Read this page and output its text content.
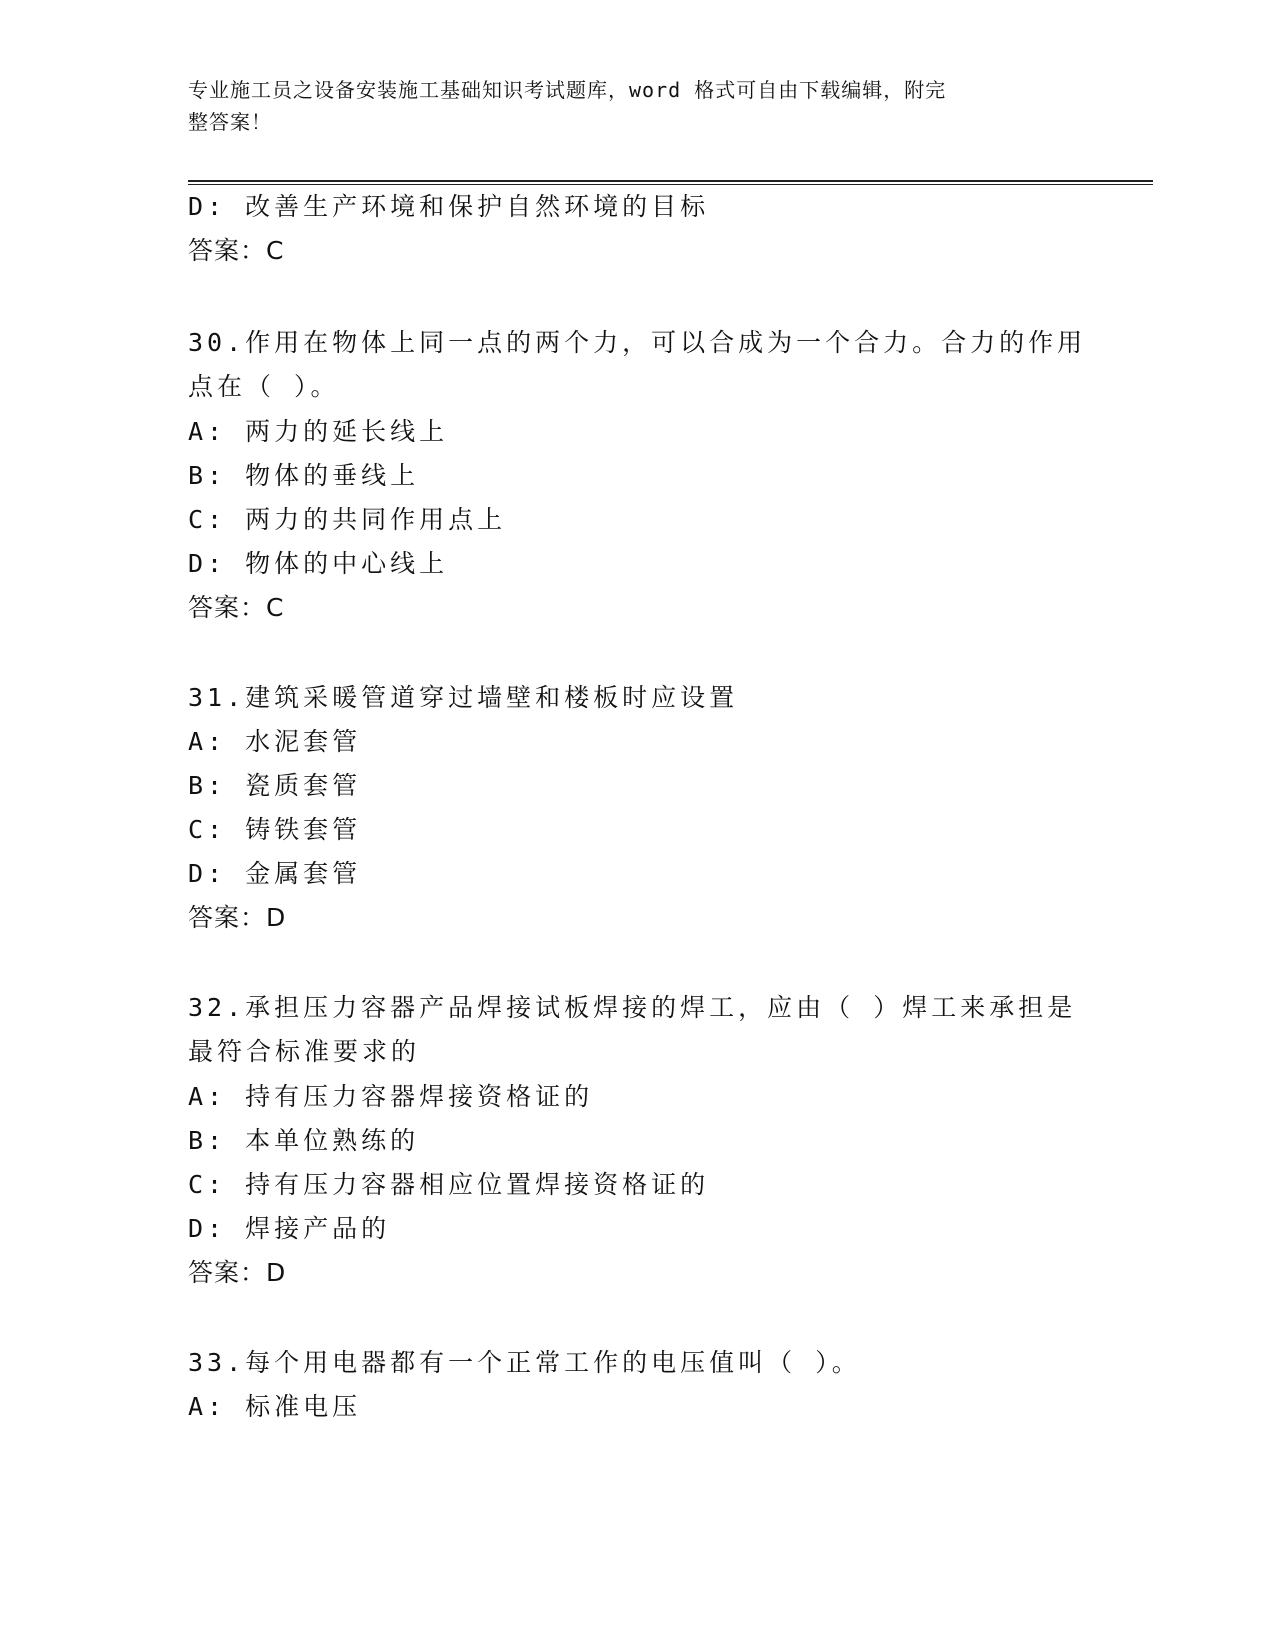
专业施工员之设备安装施工基础知识考试题库，word 格式可自由下载编辑，附完
整答案！
D: 改善生产环境和保护自然环境的目标
答案：C
30.作用在物体上同一点的两个力，可以合成为一个合力。合力的作用
点在（ ）。
A: 两力的延长线上
B: 物体的垂线上
C: 两力的共同作用点上
D: 物体的中心线上
答案：C
31.建筑采暖管道穿过墙壁和楼板时应设置
A: 水泥套管
B: 瓷质套管
C: 铸铁套管
D: 金属套管
答案：D
32.承担压力容器产品焊接试板焊接的焊工，应由（ ）焊工来承担是
最符合标准要求的
A: 持有压力容器焊接资格证的
B: 本单位熟练的
C: 持有压力容器相应位置焊接资格证的
D: 焊接产品的
答案：D
33.每个用电器都有一个正常工作的电压值叫（ ）。
A: 标准电压
